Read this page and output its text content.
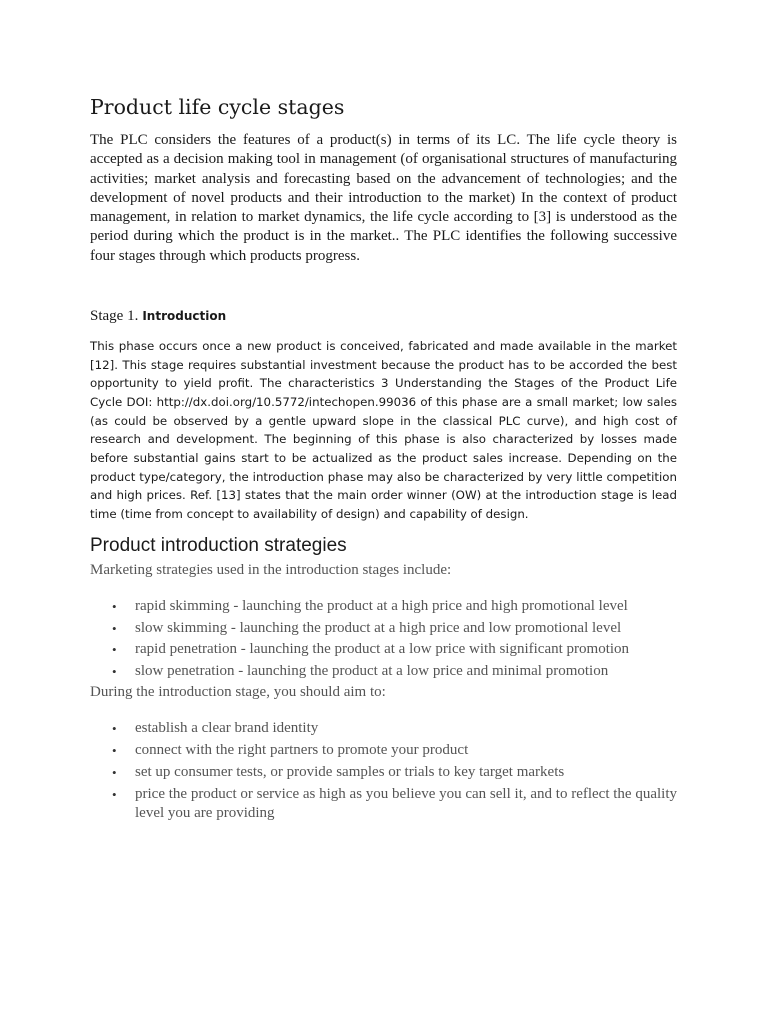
Product life cycle stages

The PLC considers the features of a product(s) in terms of its LC. The life cycle theory is accepted as a decision making tool in management (of organisational structures of manufacturing activities; market analysis and forecasting based on the advancement of technologies; and the development of novel products and their introduction to the market) In the context of product management, in relation to market dynamics, the life cycle according to [3] is understood as the period during which the product is in the market.. The PLC identifies the following successive four stages through which products progress.

Stage 1. Introduction

This phase occurs once a new product is conceived, fabricated and made available in the market [12]. This stage requires substantial investment because the product has to be accorded the best opportunity to yield profit. The characteristics 3 Understanding the Stages of the Product Life Cycle DOI: http://dx.doi.org/10.5772/intechopen.99036 of this phase are a small market; low sales (as could be observed by a gentle upward slope in the classical PLC curve), and high cost of research and development. The beginning of this phase is also characterized by losses made before substantial gains start to be actualized as the product sales increase. Depending on the product type/category, the introduction phase may also be characterized by very little competition and high prices. Ref. [13] states that the main order winner (OW) at the introduction stage is lead time (time from concept to availability of design) and capability of design.

Product introduction strategies

Marketing strategies used in the introduction stages include:

• rapid skimming - launching the product at a high price and high promotional level
• slow skimming - launching the product at a high price and low promotional level
• rapid penetration - launching the product at a low price with significant promotion
• slow penetration - launching the product at a low price and minimal promotion

During the introduction stage, you should aim to:

• establish a clear brand identity
• connect with the right partners to promote your product
• set up consumer tests, or provide samples or trials to key target markets
• price the product or service as high as you believe you can sell it, and to reflect the quality level you are providing
